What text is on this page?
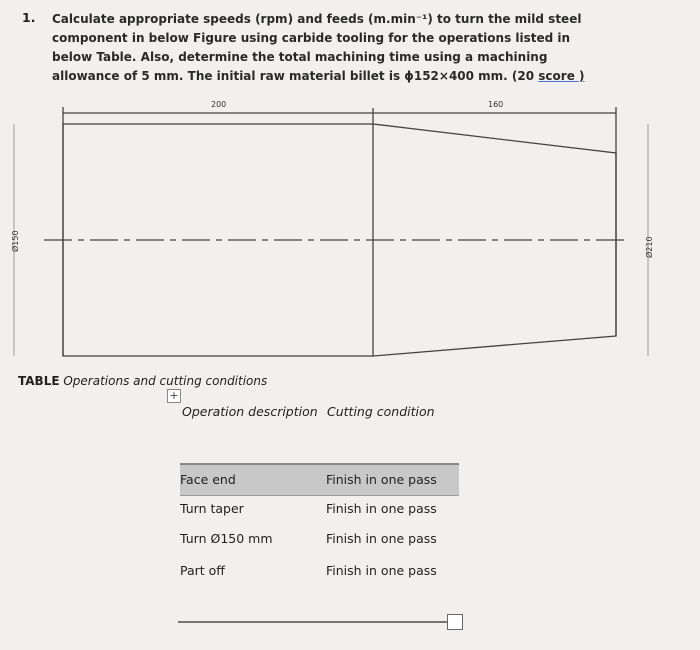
1. Calculate appropriate speeds (rpm) and feeds (m.min⁻¹) to turn the mild steel component in below Figure using carbide tooling for the operations listed in below Table. Also, determine the total machining time using a machining allowance of 5 mm. The initial raw material billet is ϕ152×400 mm. (20 score )
200	160
Ø150	Ø210
TABLE Operations and cutting conditions
+
Operation description Cutting condition
Face end	Finish in one pass
Turn taper	Finish in one pass
Turn Ø150 mm	Finish in one pass
Part off	Finish in one pass
